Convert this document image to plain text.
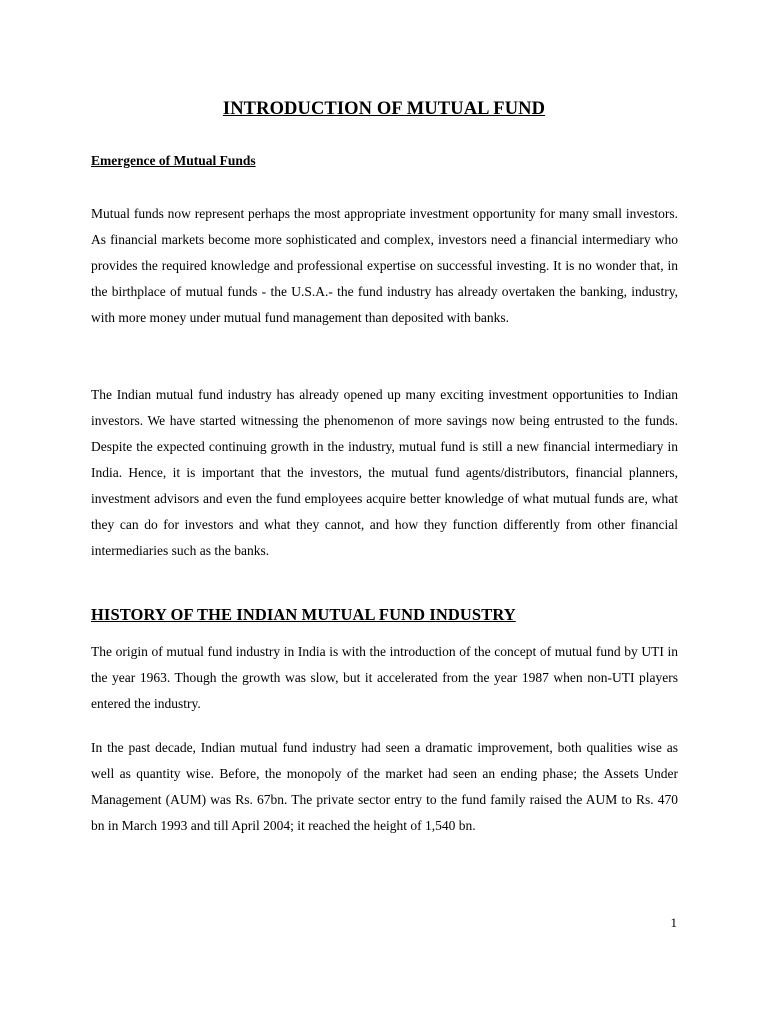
INTRODUCTION OF MUTUAL FUND
Emergence of Mutual Funds

Mutual funds now represent perhaps the most appropriate investment opportunity for many small investors. As financial markets become more sophisticated and complex, investors need a financial intermediary who provides the required knowledge and professional expertise on successful investing. It is no wonder that, in the birthplace of mutual funds - the U.S.A.- the fund industry has already overtaken the banking, industry, with more money under mutual fund management than deposited with banks.

The Indian mutual fund industry has already opened up many exciting investment opportunities to Indian investors. We have started witnessing the phenomenon of more savings now being entrusted to the funds. Despite the expected continuing growth in the industry, mutual fund is still a new financial intermediary in India. Hence, it is important that the investors, the mutual fund agents/distributors, financial planners, investment advisors and even the fund employees acquire better knowledge of what mutual funds are, what they can do for investors and what they cannot, and how they function differently from other financial intermediaries such as the banks.

HISTORY OF THE INDIAN MUTUAL FUND INDUSTRY

The origin of mutual fund industry in India is with the introduction of the concept of mutual fund by UTI in the year 1963. Though the growth was slow, but it accelerated from the year 1987 when non-UTI players entered the industry.

In the past decade, Indian mutual fund industry had seen a dramatic improvement, both qualities wise as well as quantity wise. Before, the monopoly of the market had seen an ending phase; the Assets Under Management (AUM) was Rs. 67bn. The private sector entry to the fund family raised the AUM to Rs. 470 bn in March 1993 and till April 2004; it reached the height of 1,540 bn.

1
